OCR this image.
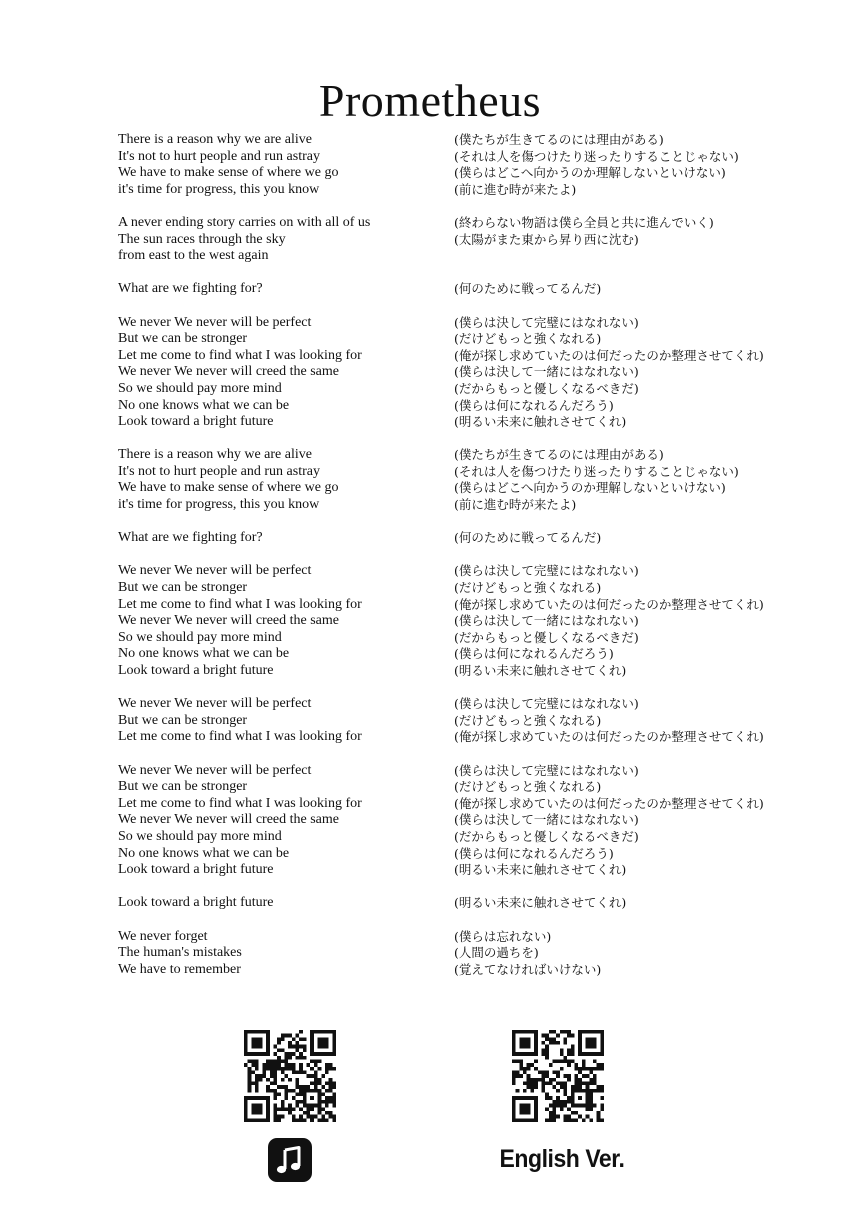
Prometheus
There is a reason why we are alive	(僕たちが生きてるのには理由がある)
It's not to hurt people and run astray	(それは人を傷つけたり迷ったりすることじゃない)
We have to make sense of where we go	(僕らはどこへ向かうのか理解しないといけない)
it's time for progress, this you know	(前に進む時が来たよ)
A never ending story carries on with all of us	(終わらない物語は僕ら全員と共に進んでいく)
The sun races through the sky	(太陽がまた東から昇り西に沈む)
from east to the west again
What are we fighting for?	(何のために戦ってるんだ)
We never We never will be perfect	(僕らは決して完璧にはなれない)
But we can be stronger	(だけどもっと強くなれる)
Let me come to find what I was looking for	(俺が探し求めていたのは何だったのか整理させてくれ)
We never We never will creed the same	(僕らは決して一緒にはなれない)
So we should pay more mind	(だからもっと優しくなるべきだ)
No one knows what we can be	(僕らは何になれるんだろう)
Look toward a bright future	(明るい未来に触れさせてくれ)
There is a reason why we are alive	(僕たちが生きてるのには理由がある)
It's not to hurt people and run astray	(それは人を傷つけたり迷ったりすることじゃない)
We have to make sense of where we go	(僕らはどこへ向かうのか理解しないといけない)
it's time for progress, this you know	(前に進む時が来たよ)
What are we fighting for?	(何のために戦ってるんだ)
We never We never will be perfect	(僕らは決して完璧にはなれない)
But we can be stronger	(だけどもっと強くなれる)
Let me come to find what I was looking for	(俺が探し求めていたのは何だったのか整理させてくれ)
We never We never will creed the same	(僕らは決して一緒にはなれない)
So we should pay more mind	(だからもっと優しくなるべきだ)
No one knows what we can be	(僕らは何になれるんだろう)
Look toward a bright future	(明るい未来に触れさせてくれ)
We never We never will be perfect	(僕らは決して完璧にはなれない)
But we can be stronger	(だけどもっと強くなれる)
Let me come to find what I was looking for	(俺が探し求めていたのは何だったのか整理させてくれ)
We never We never will be perfect	(僕らは決して完璧にはなれない)
But we can be stronger	(だけどもっと強くなれる)
Let me come to find what I was looking for	(俺が探し求めていたのは何だったのか整理させてくれ)
We never We never will creed the same	(僕らは決して一緒にはなれない)
So we should pay more mind	(だからもっと優しくなるべきだ)
No one knows what we can be	(僕らは何になれるんだろう)
Look toward a bright future	(明るい未来に触れさせてくれ)
Look toward a bright future	(明るい未来に触れさせてくれ)
We never forget	(僕らは忘れない)
The human's mistakes	(人間の過ちを)
We have to remember	(覚えてなければいけない)
English Ver.
